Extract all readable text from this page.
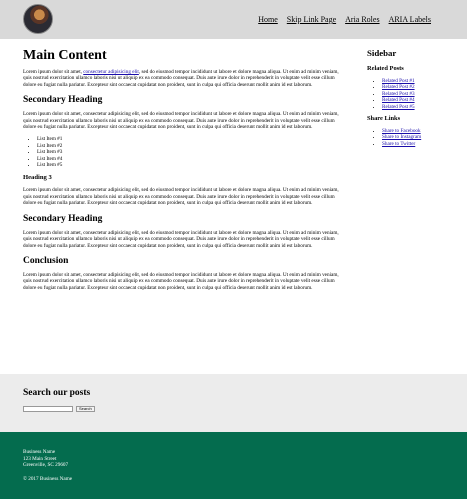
Home Skip Link Page Aria Roles ARIA Labels
Main Content

Lorem ipsum dolor sit amet, consectetur adipisicing elit, sed do eiusmod tempor incididunt ut labore et dolore magna aliqua. Ut enim ad minim veniam, quis nostrud exercitation ullamco laboris nisi ut aliquip ex ea commodo consequat. Duis aute irure dolor in reprehenderit in voluptate velit esse cillum dolore eu fugiat nulla pariatur. Excepteur sint occaecat cupidatat non proident, sunt in culpa qui officia deserunt mollit anim id est laborum.

Secondary Heading

Lorem ipsum dolor sit amet, consectetur adipisicing elit, sed do eiusmod tempor incididunt ut labore et dolore magna aliqua. Ut enim ad minim veniam, quis nostrud exercitation ullamco laboris nisi ut aliquip ex ea commodo consequat. Duis aute irure dolor in reprehenderit in voluptate velit esse cillum dolore eu fugiat nulla pariatur. Excepteur sint occaecat cupidatat non proident, sunt in culpa qui officia deserunt mollit anim id est laborum.

• List Item #1
• List Item #2
• List Item #3
• List Item #4
• List Item #5
Heading 3

Lorem ipsum dolor sit amet, consectetur adipisicing elit, sed do eiusmod tempor incididunt ut labore et dolore magna aliqua. Ut enim ad minim veniam, quis nostrud exercitation ullamco laboris nisi ut aliquip ex ea commodo consequat. Duis aute irure dolor in reprehenderit in voluptate velit esse cillum dolore eu fugiat nulla pariatur. Excepteur sint occaecat cupidatat non proident, sunt in culpa qui officia deserunt mollit anim id est laborum.

Secondary Heading

Lorem ipsum dolor sit amet, consectetur adipisicing elit, sed do eiusmod tempor incididunt ut labore et dolore magna aliqua. Ut enim ad minim veniam, quis nostrud exercitation ullamco laboris nisi ut aliquip ex ea commodo consequat. Duis aute irure dolor in reprehenderit in voluptate velit esse cillum dolore eu fugiat nulla pariatur. Excepteur sint occaecat cupidatat non proident, sunt in culpa qui officia deserunt mollit anim id est laborum.

Conclusion

Lorem ipsum dolor sit amet, consectetur adipisicing elit, sed do eiusmod tempor incididunt ut labore et dolore magna aliqua. Ut enim ad minim veniam, quis nostrud exercitation ullamco laboris nisi ut aliquip ex ea commodo consequat. Duis aute irure dolor in reprehenderit in voluptate velit esse cillum dolore eu fugiat nulla pariatur. Excepteur sint occaecat cupidatat non proident, sunt in culpa qui officia deserunt mollit anim id est laborum.

Sidebar
Related Posts
• Related Post #1
• Related Post #2
• Related Post #3
• Related Post #4
• Related Post #5
Share Links
• Share to Facebook
• Share to Instagram
• Share to Twitter
Search our posts
Search
Business Name
123 Main Street
Greenville, SC 29607
© 2017 Business Name
